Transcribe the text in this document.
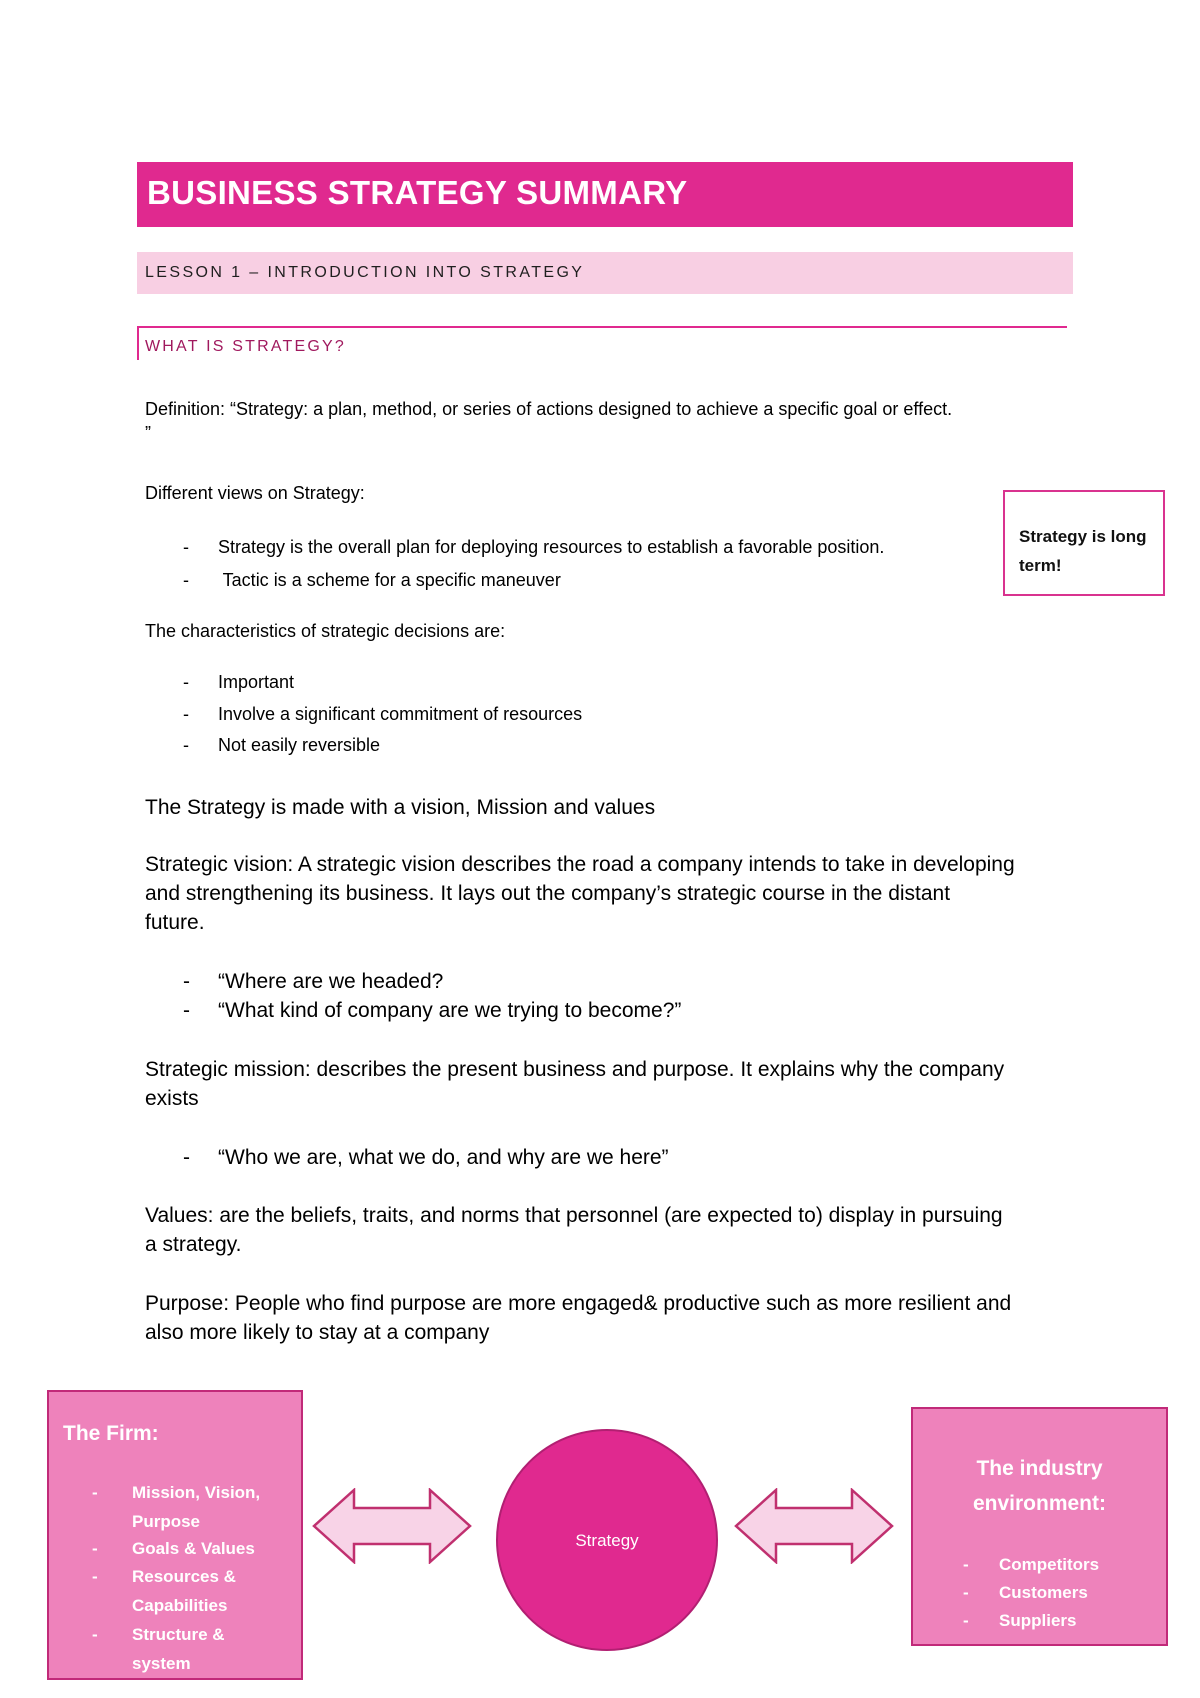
BUSINESS STRATEGY SUMMARY
LESSON 1 – INTRODUCTION INTO STRATEGY
WHAT IS STRATEGY?
Definition: “Strategy: a plan, method, or series of actions designed to achieve a specific goal or effect.
”
Different views on Strategy:
- Strategy is the overall plan for deploying resources to establish a favorable position.
- Tactic is a scheme for a specific maneuver
Strategy is long term!
The characteristics of strategic decisions are:
- Important
- Involve a significant commitment of resources
- Not easily reversible
The Strategy is made with a vision, Mission and values
Strategic vision: A strategic vision describes the road a company intends to take in developing
and strengthening its business. It lays out the company’s strategic course in the distant
future.
- “Where are we headed?
- “What kind of company are we trying to become?”
Strategic mission: describes the present business and purpose. It explains why the company
exists
- “Who we are, what we do, and why are we here”
Values: are the beliefs, traits, and norms that personnel (are expected to) display in pursuing
a strategy.
Purpose: People who find purpose are more engaged& productive such as more resilient and
also more likely to stay at a company
The Firm:
- Mission, Vision,
Purpose
- Goals & Values
- Resources &
Capabilities
- Structure &
system
Strategy
The industry
environment:
- Competitors
- Customers
- Suppliers
